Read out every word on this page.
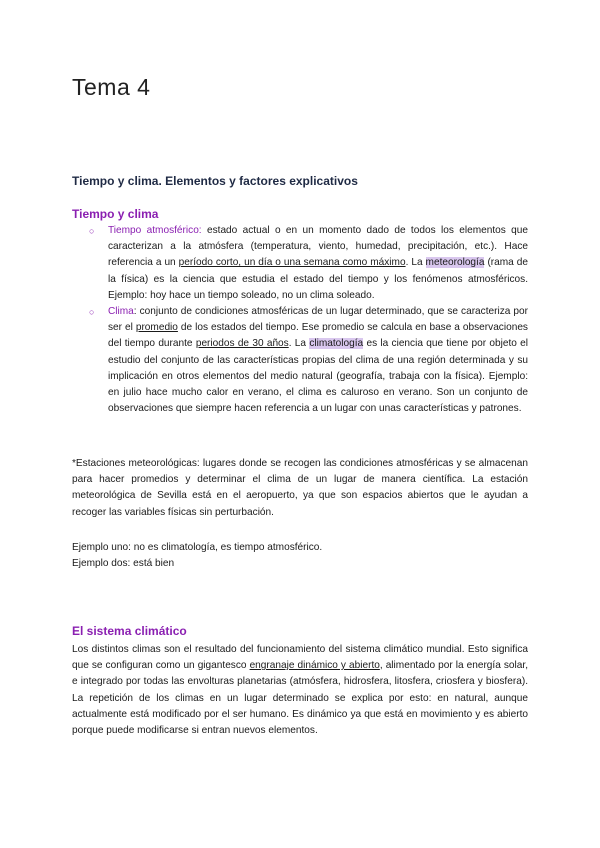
Tema 4
Tiempo y clima. Elementos y factores explicativos
Tiempo y clima
○ Tiempo atmosférico: estado actual o en un momento dado de todos los elementos que caracterizan a la atmósfera (temperatura, viento, humedad, precipitación, etc.). Hace referencia a un período corto, un día o una semana como máximo. La meteorología (rama de la física) es la ciencia que estudia el estado del tiempo y los fenómenos atmosféricos. Ejemplo: hoy hace un tiempo soleado, no un clima soleado.
○ Clima: conjunto de condiciones atmosféricas de un lugar determinado, que se caracteriza por ser el promedio de los estados del tiempo. Ese promedio se calcula en base a observaciones del tiempo durante periodos de 30 años. La climatología es la ciencia que tiene por objeto el estudio del conjunto de las características propias del clima de una región determinada y su implicación en otros elementos del medio natural (geografía, trabaja con la física). Ejemplo: en julio hace mucho calor en verano, el clima es caluroso en verano. Son un conjunto de observaciones que siempre hacen referencia a un lugar con unas características y patrones.

*Estaciones meteorológicas: lugares donde se recogen las condiciones atmosféricas y se almacenan para hacer promedios y determinar el clima de un lugar de manera científica. La estación meteorológica de Sevilla está en el aeropuerto, ya que son espacios abiertos que le ayudan a recoger las variables físicas sin perturbación.

Ejemplo uno: no es climatología, es tiempo atmosférico.

Ejemplo dos: está bien

El sistema climático

Los distintos climas son el resultado del funcionamiento del sistema climático mundial. Esto significa que se configuran como un gigantesco engranaje dinámico y abierto, alimentado por la energía solar, e integrado por todas las envolturas planetarias (atmósfera, hidrosfera, litosfera, criosfera y biosfera). La repetición de los climas en un lugar determinado se explica por esto: en natural, aunque actualmente está modificado por el ser humano. Es dinámico ya que está en movimiento y es abierto porque puede modificarse si entran nuevos elementos.
